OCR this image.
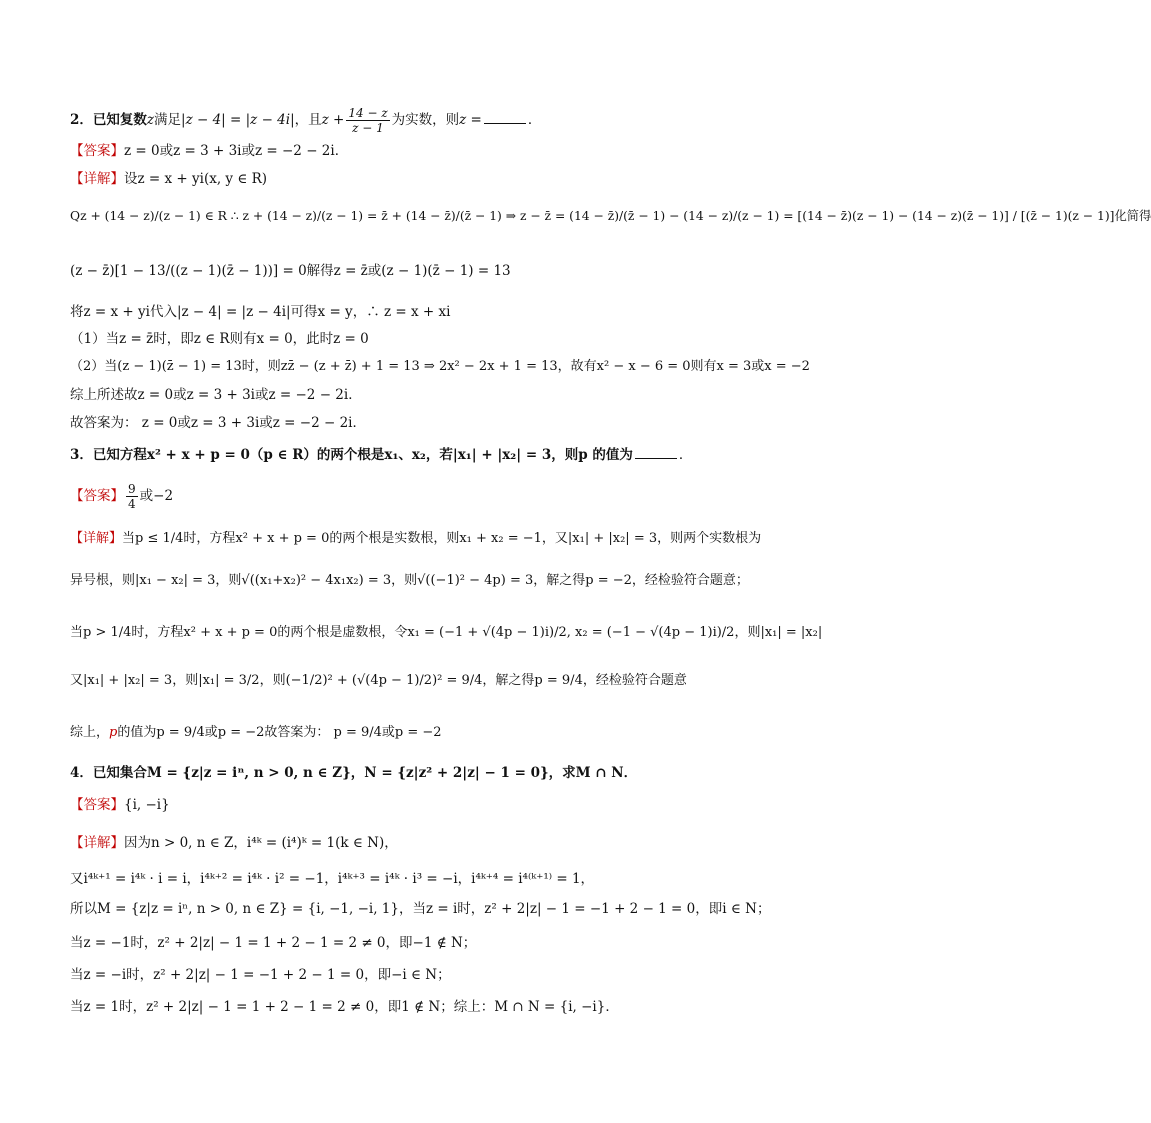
2．已知复数z满足|z − 4| = |z − 4i|，且$z + \frac{14 - z}{z - 1}$ 为实数，则z =	．
【答案】z = 0或z = 3 + 3i或z = −2 − 2i．
【详解】设z = x + yi(x, y ∈ R)
Qz + (14 − z)/(z − 1) ∈ R ∴ z + (14 − z)/(z − 1) = z̄ + (14 − z̄)/(z̄ − 1) ⇒ z − z̄ = (14 − z̄)/(z̄ − 1) − (14 − z)/(z − 1) = [(14 − z̄)(z − 1) − (14 − z)(z̄ − 1)] / [(z̄ − 1)(z − 1)]化简得
(z − z̄)[1 − 13/((z − 1)(z̄ − 1))] = 0解得z = z̄或(z − 1)(z̄ − 1) = 13
将z = x + yi代入|z − 4| = |z − 4i|可得x = y，∴ z = x + xi
（1）当z = z̄时，即z ∈ R则有x = 0，此时z = 0
（2）当(z − 1)(z̄ − 1) = 13时，则zz̄ − (z + z̄) + 1 = 13 ⇒ 2x² − 2x + 1 = 13，故有x² − x − 6 = 0则有x = 3或x = −2
综上所述故z = 0或z = 3 + 3i或z = −2 − 2i．
故答案为： z = 0或z = 3 + 3i或z = −2 − 2i．
3．已知方程x² + x + p = 0（p ∈ R）的两个根是x₁、x₂，若|x₁| + |x₂| = 3，则p 的值为	．
【答案】 $\frac{9}{4}$ 或−2
【详解】当p ≤ 1/4时，方程x² + x + p = 0的两个根是实数根，则x₁ + x₂ = −1，又|x₁| + |x₂| = 3，则两个实数根为
异号根，则|x₁ − x₂| = 3，则√((x₁+x₂)² − 4x₁x₂) = 3，则√((−1)² − 4p) = 3，解之得p = −2，经检验符合题意；
当p > 1/4时，方程x² + x + p = 0的两个根是虚数根，令x₁ = (−1 + √(4p − 1)i)/2, x₂ = (−1 − √(4p − 1)i)/2，则|x₁| = |x₂|
又|x₁| + |x₂| = 3，则|x₁| = 3/2，则(−1/2)² + (√(4p − 1)/2)² = 9/4，解之得p = 9/4，经检验符合题意
综上，p的值为p = 9/4或p = −2故答案为： p = 9/4或p = −2
4．已知集合M = {z|z = iⁿ, n > 0, n ∈ Z}，N = {z|z² + 2|z| − 1 = 0}，求M ∩ N．
【答案】{i, −i}
【详解】因为n > 0, n ∈ Z，i⁴ᵏ = (i⁴)ᵏ = 1(k ∈ N)，
又i⁴ᵏ⁺¹ = i⁴ᵏ · i = i，i⁴ᵏ⁺² = i⁴ᵏ · i² = −1，i⁴ᵏ⁺³ = i⁴ᵏ · i³ = −i，i⁴ᵏ⁺⁴ = i⁴⁽ᵏ⁺¹⁾ = 1，
所以M = {z|z = iⁿ, n > 0, n ∈ Z} = {i, −1, −i, 1}，当z = i时，z² + 2|z| − 1 = −1 + 2 − 1 = 0，即i ∈ N；
当z = −1时，z² + 2|z| − 1 = 1 + 2 − 1 = 2 ≠ 0，即−1 ∉ N；
当z = −i时，z² + 2|z| − 1 = −1 + 2 − 1 = 0，即−i ∈ N；
当z = 1时，z² + 2|z| − 1 = 1 + 2 − 1 = 2 ≠ 0，即1 ∉ N；综上：M ∩ N = {i, −i}．
